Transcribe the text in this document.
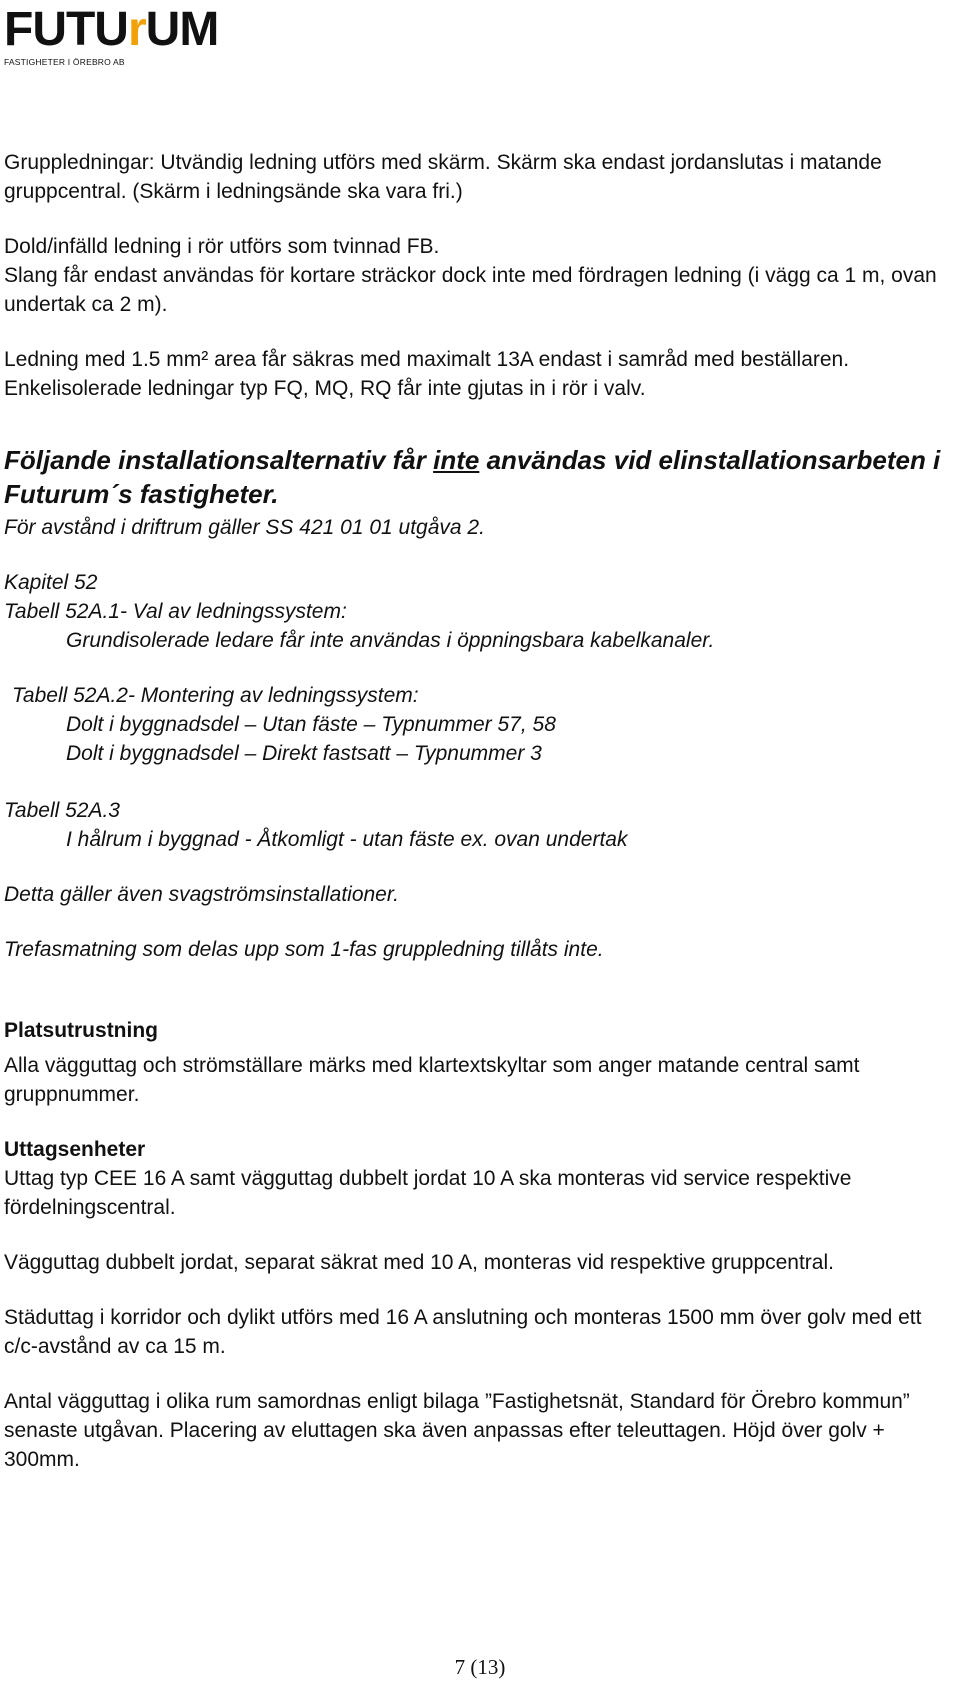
FUTU r UM
FASTIGHETER I ÖREBRO AB

Gruppledningar: Utvändig ledning utförs med skärm. Skärm ska endast jordanslutas i matande gruppcentral. (Skärm i ledningsände ska vara fri.)

Dold/infälld ledning i rör utförs som tvinnad FB.

Slang får endast användas för kortare sträckor dock inte med fördragen ledning (i vägg ca 1 m, ovan undertak ca 2 m).

Ledning med 1.5 mm² area får säkras med maximalt 13A endast i samråd med beställaren.

Enkelisolerade ledningar typ FQ, MQ, RQ får inte gjutas in i rör i valv.

Följande installationsalternativ får inte användas vid elinstallationsarbeten i Futurum´s fastigheter.

För avstånd i driftrum gäller SS 421 01 01 utgåva 2.

Kapitel 52

Tabell 52A.1- Val av ledningssystem:

Grundisolerade ledare får inte användas i öppningsbara kabelkanaler.

Tabell 52A.2- Montering av ledningssystem:

Dolt i byggnadsdel – Utan fäste – Typnummer 57, 58

Dolt i byggnadsdel – Direkt fastsatt – Typnummer 3

Tabell 52A.3

I hålrum i byggnad - Åtkomligt - utan fäste ex. ovan undertak

Detta gäller även svagströmsinstallationer.

Trefasmatning som delas upp som 1-fas gruppledning tillåts inte.

Platsutrustning

Alla vägguttag och strömställare märks med klartextskyltar som anger matande central samt gruppnummer.

Uttagsenheter

Uttag typ CEE 16 A samt vägguttag dubbelt jordat 10 A ska monteras vid service respektive fördelningscentral.

Vägguttag dubbelt jordat, separat säkrat med 10 A, monteras vid respektive gruppcentral.

Städuttag i korridor och dylikt utförs med 16 A anslutning och monteras 1500 mm över golv med ett c/c-avstånd av ca 15 m.

Antal vägguttag i olika rum samordnas enligt bilaga ”Fastighetsnät, Standard för Örebro kommun” senaste utgåvan. Placering av eluttagen ska även anpassas efter teleuttagen. Höjd över golv + 300mm.

7 (13)
